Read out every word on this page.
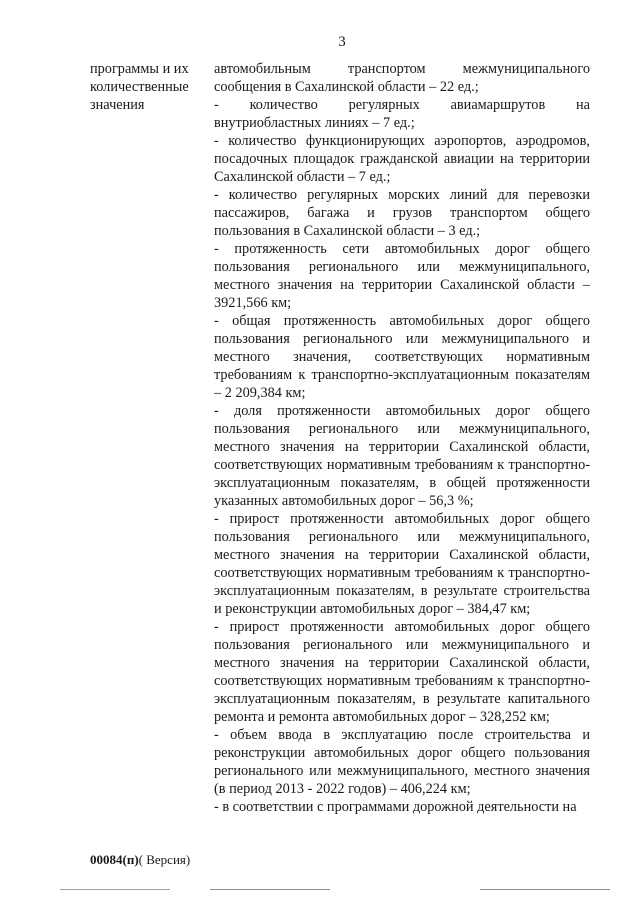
3
программы и их
количественные
значения
автомобильным транспортом межмуниципального сообщения в Сахалинской области – 22 ед.;
- количество регулярных авиамаршрутов на внутриобластных линиях – 7 ед.;
- количество функционирующих аэропортов, аэродромов, посадочных площадок гражданской авиации на территории Сахалинской области – 7 ед.;
- количество регулярных морских линий для перевозки пассажиров, багажа и грузов транспортом общего пользования в Сахалинской области – 3 ед.;
- протяженность сети автомобильных дорог общего пользования регионального или межмуниципального, местного значения на территории Сахалинской области – 3921,566 км;
- общая протяженность автомобильных дорог общего пользования регионального или межмуниципального и местного значения, соответствующих нормативным требованиям к транспортно-эксплуатационным показателям – 2 209,384 км;
- доля протяженности автомобильных дорог общего пользования регионального или межмуниципального, местного значения на территории Сахалинской области, соответствующих нормативным требованиям к транспортно-эксплуатационным показателям, в общей протяженности указанных автомобильных дорог – 56,3 %;
- прирост протяженности автомобильных дорог общего пользования регионального или межмуниципального, местного значения на территории Сахалинской области, соответствующих нормативным требованиям к транспортно-эксплуатационным показателям, в результате строительства и реконструкции автомобильных дорог – 384,47 км;
- прирост протяженности автомобильных дорог общего пользования регионального или межмуниципального и местного значения на территории Сахалинской области, соответствующих нормативным требованиям к транспортно-эксплуатационным показателям, в результате капитального ремонта и ремонта автомобильных дорог – 328,252 км;
- объем ввода в эксплуатацию после строительства и реконструкции автомобильных дорог общего пользования регионального или межмуниципального, местного значения (в период 2013 - 2022 годов) – 406,224 км;
- в соответствии с программами дорожной деятельности на
00084(п)( Версия)
